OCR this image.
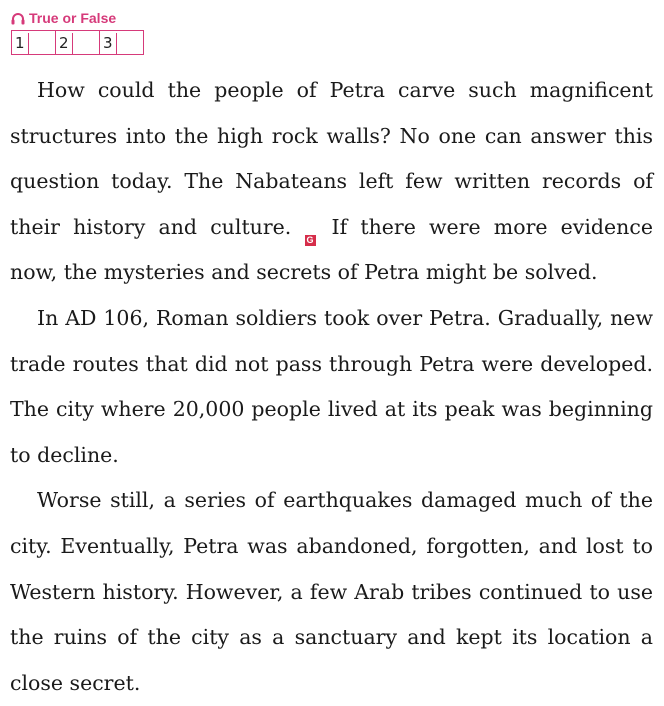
True or False
1 2 3

How could the people of Petra carve such magnificent structures into the high rock walls? No one can answer this question today. The Nabateans left few written records of their history and culture. If
G
there were more evidence now, the mysteries and secrets of Petra might be solved.

In AD 106, Roman soldiers took over Petra. Gradually, new trade routes that did not pass through Petra were developed. The city where 20,000 people lived at its peak was beginning to decline.

Worse still, a series of earthquakes damaged much of the city. Eventually, Petra was abandoned, forgotten, and lost to Western history. However, a few Arab tribes continued to use the ruins of the city as a sanctuary and kept its location a close secret.
